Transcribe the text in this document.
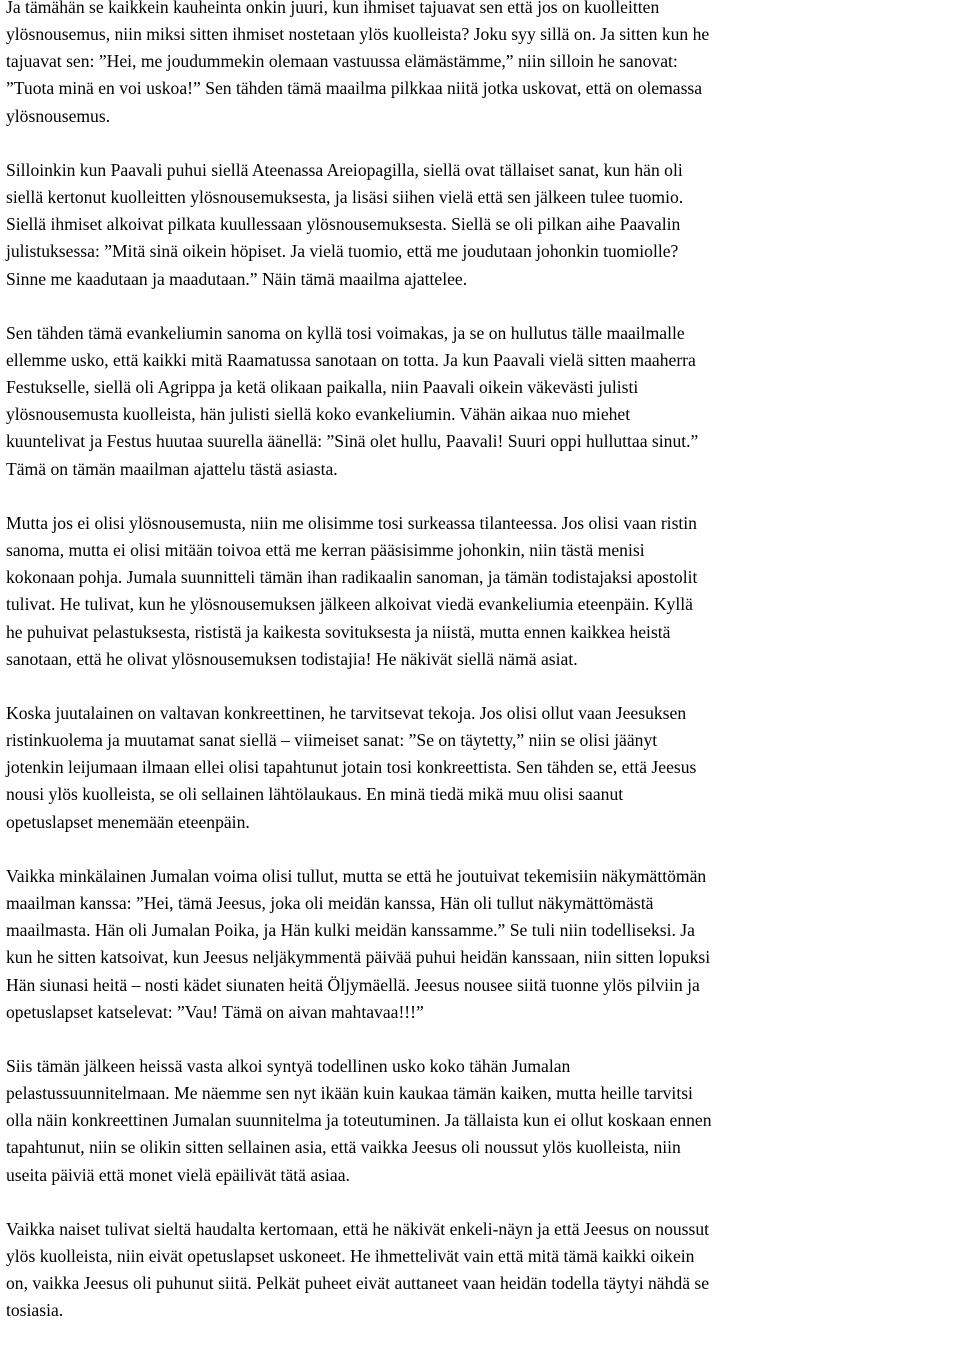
Ja tämähän se kaikkein kauheinta onkin juuri, kun ihmiset tajuavat sen että jos on kuolleitten
ylösnousemus, niin miksi sitten ihmiset nostetaan ylös kuolleista? Joku syy sillä on. Ja sitten kun he
tajuavat sen: ”Hei, me joudummekin olemaan vastuussa elämästämme,” niin silloin he sanovat:
”Tuota minä en voi uskoa!” Sen tähden tämä maailma pilkkaa niitä jotka uskovat, että on olemassa
ylösnousemus.
Silloinkin kun Paavali puhui siellä Ateenassa Areiopagilla, siellä ovat tällaiset sanat, kun hän oli
siellä kertonut kuolleitten ylösnousemuksesta, ja lisäsi siihen vielä että sen jälkeen tulee tuomio.
Siellä ihmiset alkoivat pilkata kuullessaan ylösnousemuksesta. Siellä se oli pilkan aihe Paavalin
julistuksessa: ”Mitä sinä oikein höpiset. Ja vielä tuomio, että me joudutaan johonkin tuomiolle?
Sinne me kaadutaan ja maadutaan.” Näin tämä maailma ajattelee.
Sen tähden tämä evankeliumin sanoma on kyllä tosi voimakas, ja se on hullutus tälle maailmalle
ellemme usko, että kaikki mitä Raamatussa sanotaan on totta. Ja kun Paavali vielä sitten maaherra
Festukselle, siellä oli Agrippa ja ketä olikaan paikalla, niin Paavali oikein väkevästi julisti
ylösnousemusta kuolleista, hän julisti siellä koko evankeliumin. Vähän aikaa nuo miehet
kuuntelivat ja Festus huutaa suurella äänellä: ”Sinä olet hullu, Paavali! Suuri oppi hulluttaa sinut.”
Tämä on tämän maailman ajattelu tästä asiasta.
Mutta jos ei olisi ylösnousemusta, niin me olisimme tosi surkeassa tilanteessa. Jos olisi vaan ristin
sanoma, mutta ei olisi mitään toivoa että me kerran pääsisimme johonkin, niin tästä menisi
kokonaan pohja. Jumala suunnitteli tämän ihan radikaalin sanoman, ja tämän todistajaksi apostolit
tulivat. He tulivat, kun he ylösnousemuksen jälkeen alkoivat viedä evankeliumia eteenpäin. Kyllä
he puhuivat pelastuksesta, rististä ja kaikesta sovituksesta ja niistä, mutta ennen kaikkea heistä
sanotaan, että he olivat ylösnousemuksen todistajia! He näkivät siellä nämä asiat.
Koska juutalainen on valtavan konkreettinen, he tarvitsevat tekoja. Jos olisi ollut vaan Jeesuksen
ristinkuolema ja muutamat sanat siellä – viimeiset sanat: ”Se on täytetty,” niin se olisi jäänyt
jotenkin leijumaan ilmaan ellei olisi tapahtunut jotain tosi konkreettista. Sen tähden se, että Jeesus
nousi ylös kuolleista, se oli sellainen lähtölaukaus. En minä tiedä mikä muu olisi saanut
opetuslapset menemään eteenpäin.
Vaikka minkälainen Jumalan voima olisi tullut, mutta se että he joutuivat tekemisiin näkymättömän
maailman kanssa: ”Hei, tämä Jeesus, joka oli meidän kanssa, Hän oli tullut näkymättömästä
maailmasta. Hän oli Jumalan Poika, ja Hän kulki meidän kanssamme.” Se tuli niin todelliseksi. Ja
kun he sitten katsoivat, kun Jeesus neljäkymmentä päivää puhui heidän kanssaan, niin sitten lopuksi
Hän siunasi heitä – nosti kädet siunaten heitä Öljymäellä. Jeesus nousee siitä tuonne ylös pilviin ja
opetuslapset katselevat: ”Vau! Tämä on aivan mahtavaa!!!”
Siis tämän jälkeen heissä vasta alkoi syntyä todellinen usko koko tähän Jumalan
pelastussuunnitelmaan. Me näemme sen nyt ikään kuin kaukaa tämän kaiken, mutta heille tarvitsi
olla näin konkreettinen Jumalan suunnitelma ja toteutuminen. Ja tällaista kun ei ollut koskaan ennen
tapahtunut, niin se olikin sitten sellainen asia, että vaikka Jeesus oli noussut ylös kuolleista, niin
useita päiviä että monet vielä epäilivät tätä asiaa.
Vaikka naiset tulivat sieltä haudalta kertomaan, että he näkivät enkeli-näyn ja että Jeesus on noussut
ylös kuolleista, niin eivät opetuslapset uskoneet. He ihmettelivät vain että mitä tämä kaikki oikein
on, vaikka Jeesus oli puhunut siitä. Pelkät puheet eivät auttaneet vaan heidän todella täytyi nähdä se
tosiasia.
